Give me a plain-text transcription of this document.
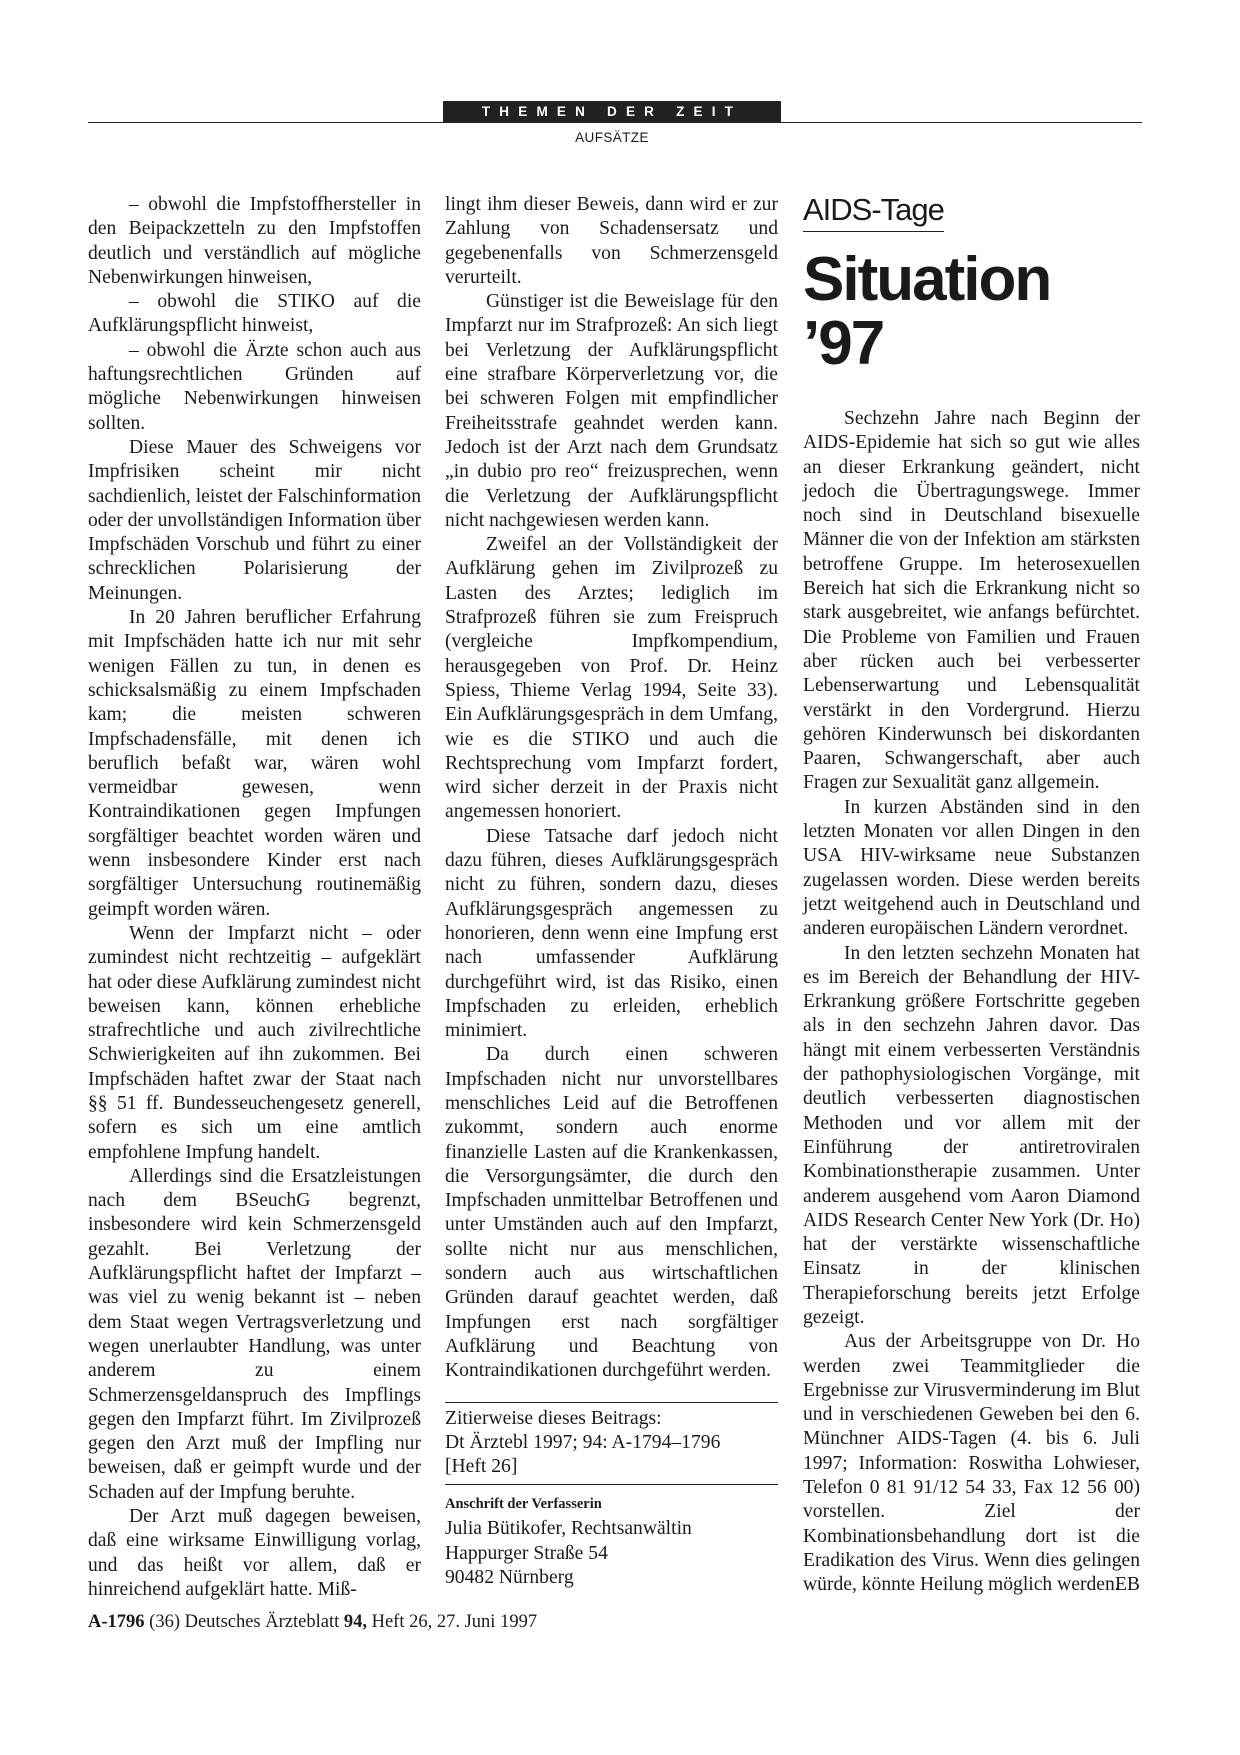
THEMEN DER ZEIT
AUFSÄTZE

– obwohl die Impfstoffhersteller in den Beipackzetteln zu den Impfstoffen deutlich und verständlich auf mögliche Nebenwirkungen hinweisen,

– obwohl die STIKO auf die Aufklärungspflicht hinweist,

– obwohl die Ärzte schon auch aus haftungsrechtlichen Gründen auf mögliche Nebenwirkungen hinweisen sollten.

Diese Mauer des Schweigens vor Impfrisiken scheint mir nicht sachdienlich, leistet der Falschinformation oder der unvollständigen Information über Impfschäden Vorschub und führt zu einer schrecklichen Polarisierung der Meinungen.

In 20 Jahren beruflicher Erfahrung mit Impfschäden hatte ich nur mit sehr wenigen Fällen zu tun, in denen es schicksalsmäßig zu einem Impfschaden kam; die meisten schweren Impfschadensfälle, mit denen ich beruflich befaßt war, wären wohl vermeidbar gewesen, wenn Kontraindikationen gegen Impfungen sorgfältiger beachtet worden wären und wenn insbesondere Kinder erst nach sorgfältiger Untersuchung routinemäßig geimpft worden wären.

Wenn der Impfarzt nicht – oder zumindest nicht rechtzeitig – aufgeklärt hat oder diese Aufklärung zumindest nicht beweisen kann, können erhebliche strafrechtliche und auch zivilrechtliche Schwierigkeiten auf ihn zukommen. Bei Impfschäden haftet zwar der Staat nach §§ 51 ff. Bundesseuchengesetz generell, sofern es sich um eine amtlich empfohlene Impfung handelt.

Allerdings sind die Ersatzleistungen nach dem BSeuchG begrenzt, insbesondere wird kein Schmerzensgeld gezahlt. Bei Verletzung der Aufklärungspflicht haftet der Impfarzt – was viel zu wenig bekannt ist – neben dem Staat wegen Vertragsverletzung und wegen unerlaubter Handlung, was unter anderem zu einem Schmerzensgeldanspruch des Impflings gegen den Impfarzt führt. Im Zivilprozeß gegen den Arzt muß der Impfling nur beweisen, daß er geimpft wurde und der Schaden auf der Impfung beruhte.

Der Arzt muß dagegen beweisen, daß eine wirksame Einwilligung vorlag, und das heißt vor allem, daß er hinreichend aufgeklärt hatte. Miß-

lingt ihm dieser Beweis, dann wird er zur Zahlung von Schadensersatz und gegebenenfalls von Schmerzensgeld verurteilt.

Günstiger ist die Beweislage für den Impfarzt nur im Strafprozeß: An sich liegt bei Verletzung der Aufklärungspflicht eine strafbare Körperverletzung vor, die bei schweren Folgen mit empfindlicher Freiheitsstrafe geahndet werden kann. Jedoch ist der Arzt nach dem Grundsatz „in dubio pro reo“ freizusprechen, wenn die Verletzung der Aufklärungspflicht nicht nachgewiesen werden kann.

Zweifel an der Vollständigkeit der Aufklärung gehen im Zivilprozeß zu Lasten des Arztes; lediglich im Strafprozeß führen sie zum Freispruch (vergleiche Impfkompendium, herausgegeben von Prof. Dr. Heinz Spiess, Thieme Verlag 1994, Seite 33). Ein Aufklärungsgespräch in dem Umfang, wie es die STIKO und auch die Rechtsprechung vom Impfarzt fordert, wird sicher derzeit in der Praxis nicht angemessen honoriert.

Diese Tatsache darf jedoch nicht dazu führen, dieses Aufklärungsgespräch nicht zu führen, sondern dazu, dieses Aufklärungsgespräch angemessen zu honorieren, denn wenn eine Impfung erst nach umfassender Aufklärung durchgeführt wird, ist das Risiko, einen Impfschaden zu erleiden, erheblich minimiert.

Da durch einen schweren Impfschaden nicht nur unvorstellbares menschliches Leid auf die Betroffenen zukommt, sondern auch enorme finanzielle Lasten auf die Krankenkassen, die Versorgungsämter, die durch den Impfschaden unmittelbar Betroffenen und unter Umständen auch auf den Impfarzt, sollte nicht nur aus menschlichen, sondern auch aus wirtschaftlichen Gründen darauf geachtet werden, daß Impfungen erst nach sorgfältiger Aufklärung und Beachtung von Kontraindikationen durchgeführt werden.

Zitierweise dieses Beitrags:

Dt Ärztebl 1997; 94: A-1794–1796

[Heft 26]

Anschrift der Verfasserin

Julia Bütikofer, Rechtsanwältin

Happurger Straße 54

90482 Nürnberg

AIDS-Tage
Situation ’97

Sechzehn Jahre nach Beginn der AIDS-Epidemie hat sich so gut wie alles an dieser Erkrankung geändert, nicht jedoch die Übertragungswege. Immer noch sind in Deutschland bisexuelle Männer die von der Infektion am stärksten betroffene Gruppe. Im heterosexuellen Bereich hat sich die Erkrankung nicht so stark ausgebreitet, wie anfangs befürchtet. Die Probleme von Familien und Frauen aber rücken auch bei verbesserter Lebenserwartung und Lebensqualität verstärkt in den Vordergrund. Hierzu gehören Kinderwunsch bei diskordanten Paaren, Schwangerschaft, aber auch Fragen zur Sexualität ganz allgemein.

In kurzen Abständen sind in den letzten Monaten vor allen Dingen in den USA HIV-wirksame neue Substanzen zugelassen worden. Diese werden bereits jetzt weitgehend auch in Deutschland und anderen europäischen Ländern verordnet.

In den letzten sechzehn Monaten hat es im Bereich der Behandlung der HIV-Erkrankung größere Fortschritte gegeben als in den sechzehn Jahren davor. Das hängt mit einem verbesserten Verständnis der pathophysiologischen Vorgänge, mit deutlich verbesserten diagnostischen Methoden und vor allem mit der Einführung der antiretroviralen Kombinationstherapie zusammen. Unter anderem ausgehend vom Aaron Diamond AIDS Research Center New York (Dr. Ho) hat der verstärkte wissenschaftliche Einsatz in der klinischen Therapieforschung bereits jetzt Erfolge gezeigt.

Aus der Arbeitsgruppe von Dr. Ho werden zwei Teammitglieder die Ergebnisse zur Virusverminderung im Blut und in verschiedenen Geweben bei den 6. Münchner AIDS-Tagen (4. bis 6. Juli 1997; Information: Roswitha Lohwieser, Telefon 0 81 91/12 54 33, Fax 12 56 00) vorstellen. Ziel der Kombinationsbehandlung dort ist die Eradikation des Virus. Wenn dies gelingen würde, könnte Heilung möglich werden.

EB
A-1796 (36) Deutsches Ärzteblatt 94, Heft 26, 27. Juni 1997
